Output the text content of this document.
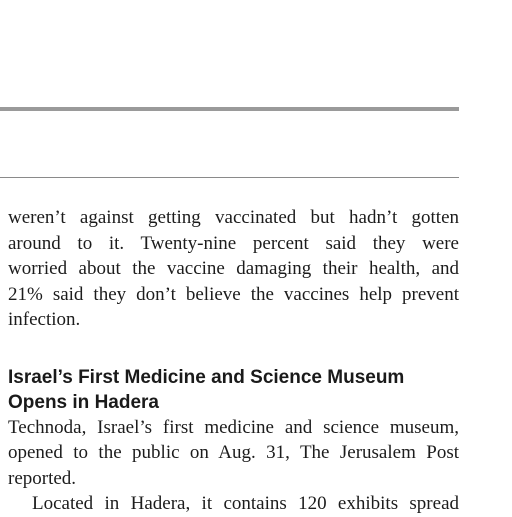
weren’t against getting vaccinated but hadn’t gotten
around to it. Twenty-nine percent said they were
worried about the vaccine damaging their health, and
21% said they don’t believe the vaccines help prevent
infection.

Israel’s First Medicine and Science Museum
Opens in Hadera

Technoda, Israel’s first medicine and science museum,
opened to the public on Aug. 31, The Jerusalem Post
reported.

Located in Hadera, it contains 120 exhibits spread
